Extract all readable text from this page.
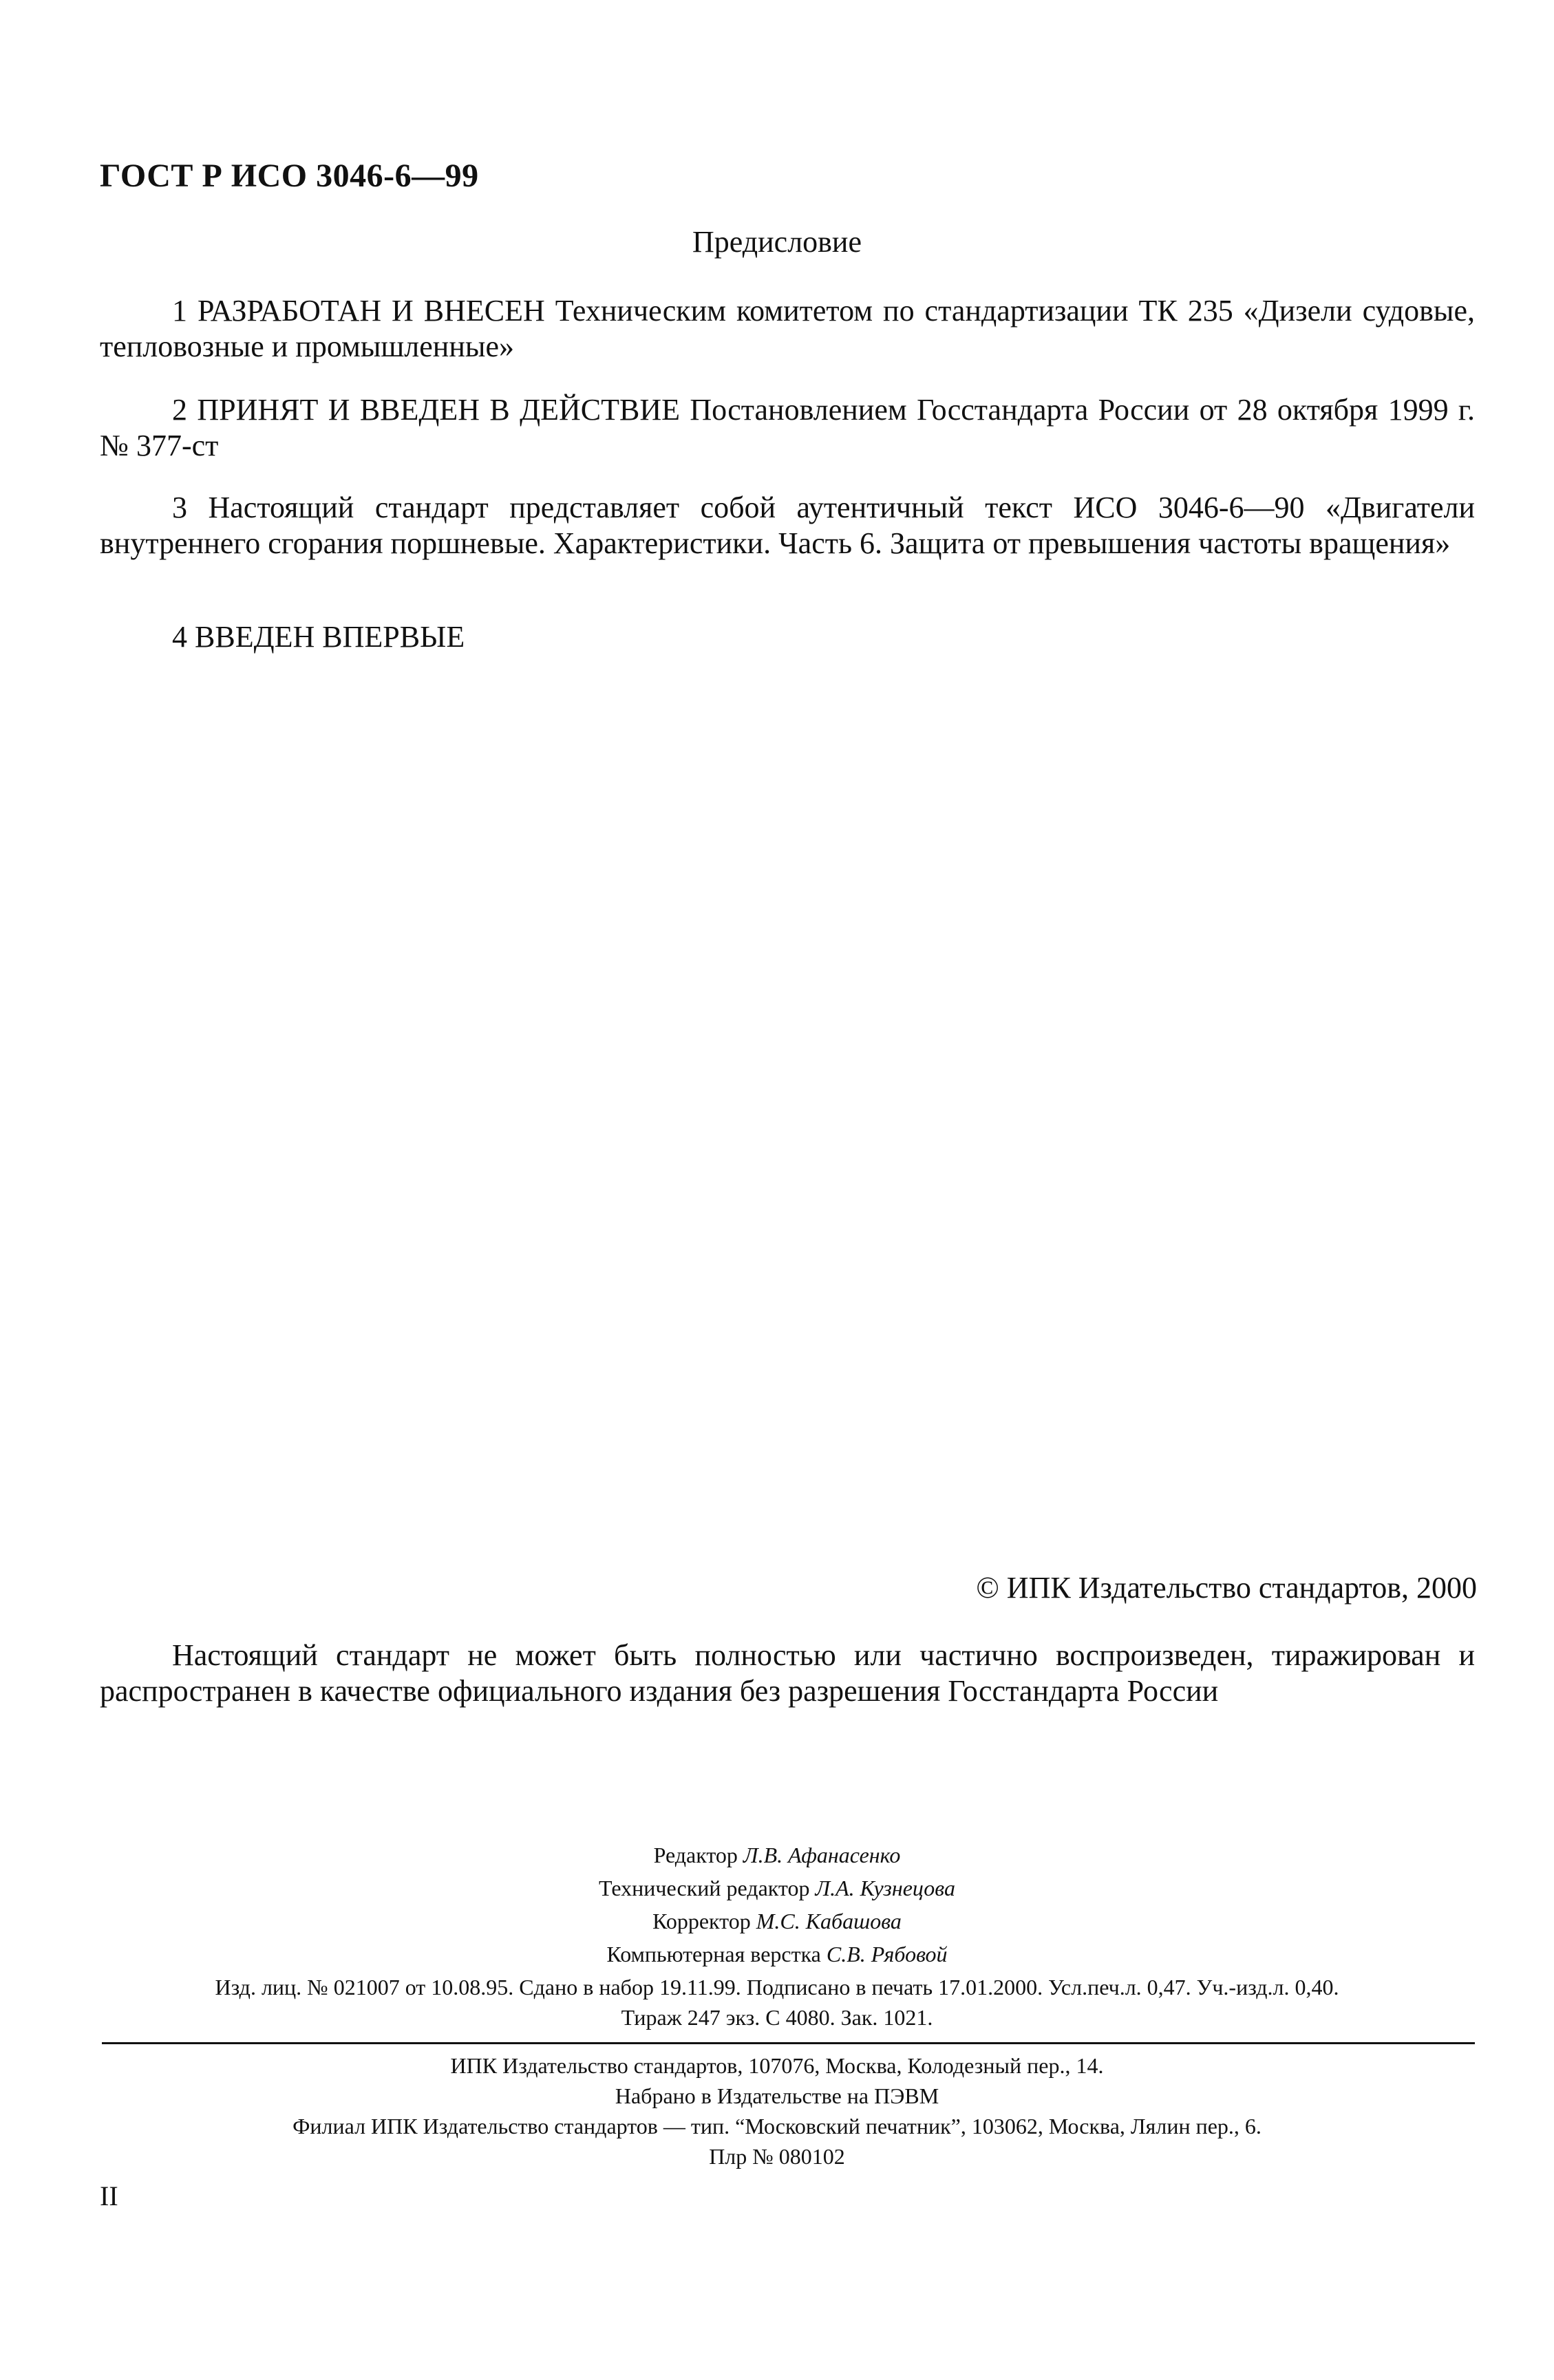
ГОСТ Р ИСО 3046-6—99
Предисловие
1 РАЗРАБОТАН И ВНЕСЕН Техническим комитетом по стандартизации ТК 235 «Дизели судовые, тепловозные и промышленные»
2 ПРИНЯТ И ВВЕДЕН В ДЕЙСТВИЕ Постановлением Госстандарта России от 28 октября 1999 г. № 377-ст
3 Настоящий стандарт представляет собой аутентичный текст ИСО 3046-6—90 «Двигатели внутреннего сгорания поршневые. Характеристики. Часть 6. Защита от превышения частоты вращения»
4 ВВЕДЕН ВПЕРВЫЕ
© ИПК Издательство стандартов, 2000
Настоящий стандарт не может быть полностью или частично воспроизведен, тиражирован и распространен в качестве официального издания без разрешения Госстандарта России
Редактор Л.В. Афанасенко
Технический редактор Л.А. Кузнецова
Корректор М.С. Кабашова
Компьютерная верстка С.В. Рябовой
Изд. лиц. № 021007 от 10.08.95. Сдано в набор 19.11.99. Подписано в печать 17.01.2000. Усл.печ.л. 0,47. Уч.-изд.л. 0,40.
Тираж 247 экз. С 4080. Зак. 1021.
ИПК Издательство стандартов, 107076, Москва, Колодезный пер., 14.
Набрано в Издательстве на ПЭВМ
Филиал ИПК Издательство стандартов — тип. “Московский печатник”, 103062, Москва, Лялин пер., 6.
Плр № 080102
II
